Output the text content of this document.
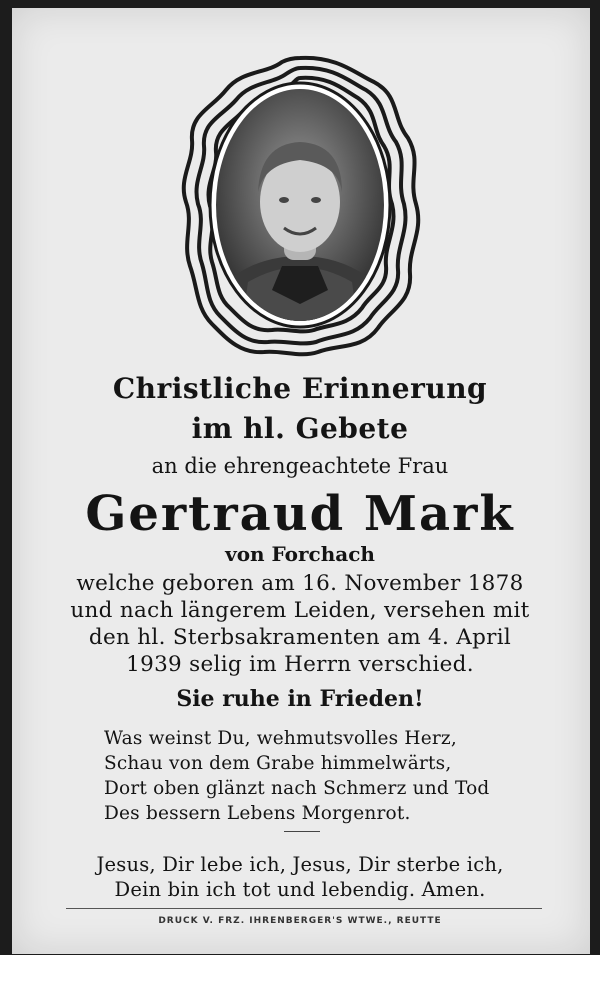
Christliche Erinnerung
im hl. Gebete
an die ehrengeachtete Frau
Gertraud Mark
von Forchach
welche geboren am 16. November 1878
und nach längerem Leiden, versehen mit
den hl. Sterbsakramenten am 4. April
1939 selig im Herrn verschied.
Sie ruhe in Frieden!
Was weinst Du, wehmutsvolles Herz,
Schau von dem Grabe himmelwärts,
Dort oben glänzt nach Schmerz und Tod
Des bessern Lebens Morgenrot.
Jesus, Dir lebe ich, Jesus, Dir sterbe ich,
Dein bin ich tot und lebendig. Amen.
DRUCK V. FRZ. IHRENBERGER'S WTWE., REUTTE
